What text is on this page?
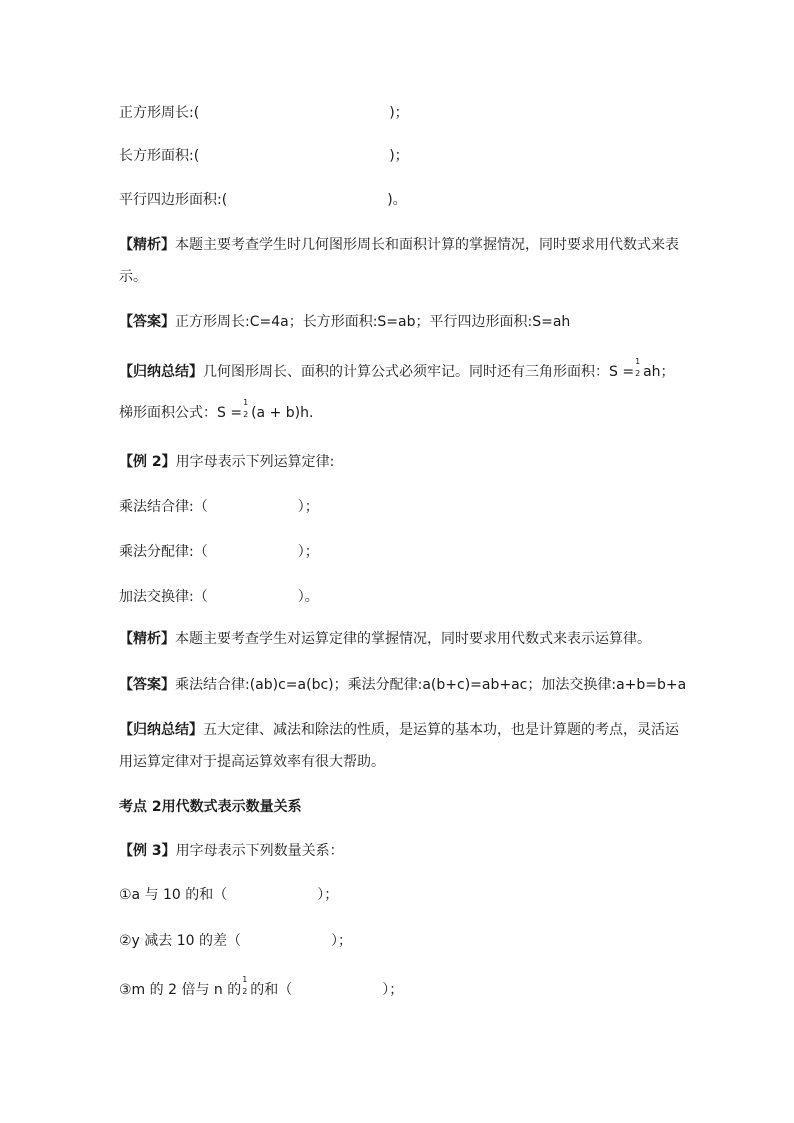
正方形周长:(	)；
长方形面积:(	)；
平行四边形面积:(	)。
【精析】本题主要考查学生时几何图形周长和面积计算的掌握情况，同时要求用代数式来表
示。
【答案】正方形周长:C=4a；长方形面积:S=ab；平行四边形面积:S=ah
【归纳总结】几何图形周长、面积的计算公式必须牢记。同时还有三角形面积：S =
1
2 ah；
梯形面积公式：S =
1
2 (a + b)h.
【例 2】用字母表示下列运算定律:
乘法结合律:（	）；
乘法分配律:（	）；
加法交换律:（	）。
【精析】本题主要考查学生对运算定律的掌握情况，同时要求用代数式来表示运算律。
【答案】乘法结合律:(ab)c=a(bc)；乘法分配律:a(b+c)=ab+ac；加法交换律:a+b=b+a
【归纳总结】五大定律、减法和除法的性质，是运算的基本功，也是计算题的考点，灵活运
用运算定律对于提高运算效率有很大帮助。
考点 2用代数式表示数量关系
【例 3】用字母表示下列数量关系：
①a 与 10 的和（	）；
②y 减去 10 的差（	）；
③m 的 2 倍与 n 的
1
2 的和（	）；
